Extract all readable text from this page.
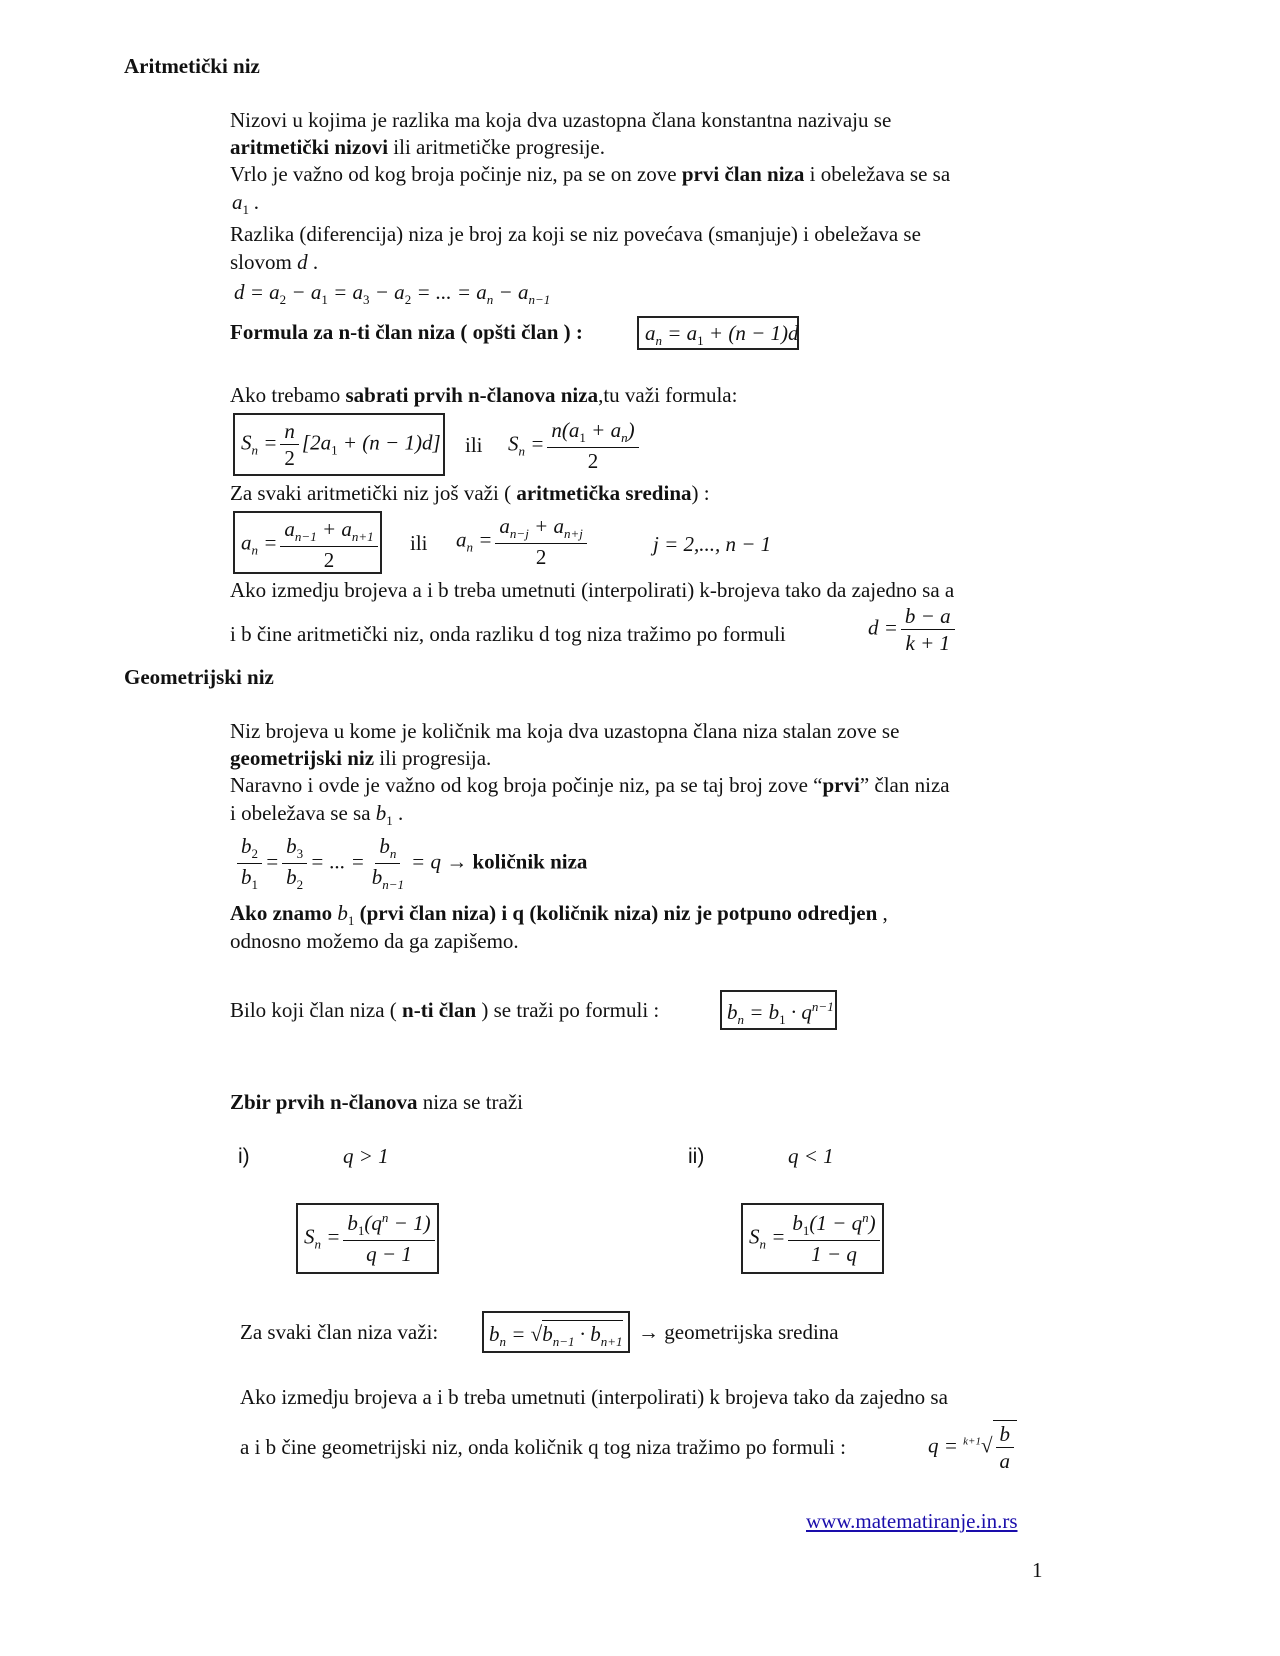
Aritmetički niz
Nizovi u kojima je razlika ma koja dva uzastopna člana konstantna nazivaju se
aritmetički nizovi ili aritmetičke progresije.
Vrlo je važno od kog broja počinje niz, pa se on zove prvi član niza i obeležava se sa
$a_1$ .
Razlika (diferencija) niza je broj za koji se niz povećava (smanjuje) i obeležava se
slovom d .
$d = a_2 - a_1 = a_3 - a_2$ = ... = $a_n - a_{n-1}$
Formula za n-ti član niza ( opšti član ) :	$a_n = a_1 + (n - 1)d$
Ako trebamo sabrati prvih n-članova niza,tu važi formula:
$S_n = \frac{n}{2} [2a_1 + (n - 1)d]$ ili $S_n = \frac{n(a_1 + a_n)}{2}$
Za svaki aritmetički niz još važi ( aritmetička sredina) :
$a_n = \frac{a_{n-1} + a_{n+1}}{2}$ ili $a_n = \frac{a_{n-j} + a_{n+j}}{2}$	j = 2,..., n − 1
Ako izmedju brojeva a i b treba umetnuti (interpolirati) k-brojeva tako da zajedno sa a
i b čine aritmetički niz, onda razliku d tog niza tražimo po formuli	$d = \frac{b - a}{k + 1}$
Geometrijski niz
Niz brojeva u kome je količnik ma koja dva uzastopna člana niza stalan zove se
geometrijski niz ili progresija.
Naravno i ovde je važno od kog broja počinje niz, pa se taj broj zove “prvi” član niza
i obeležava se sa $b_1$ .
$\frac{b_2}{b_1} = \frac{b_3}{b_2}$ = ... = $\frac{b_n}{b_{n-1}} = q$ → količnik niza
Ako znamo $b_1$ (prvi član niza) i q (količnik niza) niz je potpuno odredjen ,
odnosno možemo da ga zapišemo.
Bilo koji član niza ( n-ti član ) se traži po formuli :	$b_n = b_1 \cdot q^{n-1}$
Zbir prvih n-članova niza se traži
i)	q > 1	ii)	q < 1
$S_n = \frac{b_1(q^n - 1)}{q - 1}$	$S_n = \frac{b_1(1 - q^n)}{1 - q}$
Za svaki član niza važi: $b_n = √b_{n-1} \cdot b_{n+1}$ → geometrijska sredina
Ako izmedju brojeva a i b treba umetnuti (interpolirati) k brojeva tako da zajedno sa
a i b čine geometrijski niz, onda količnik q tog niza tražimo po formuli :	$q = ^{k+1}√ \frac{b}{a}$
www.matematiranje.in.rs
1
